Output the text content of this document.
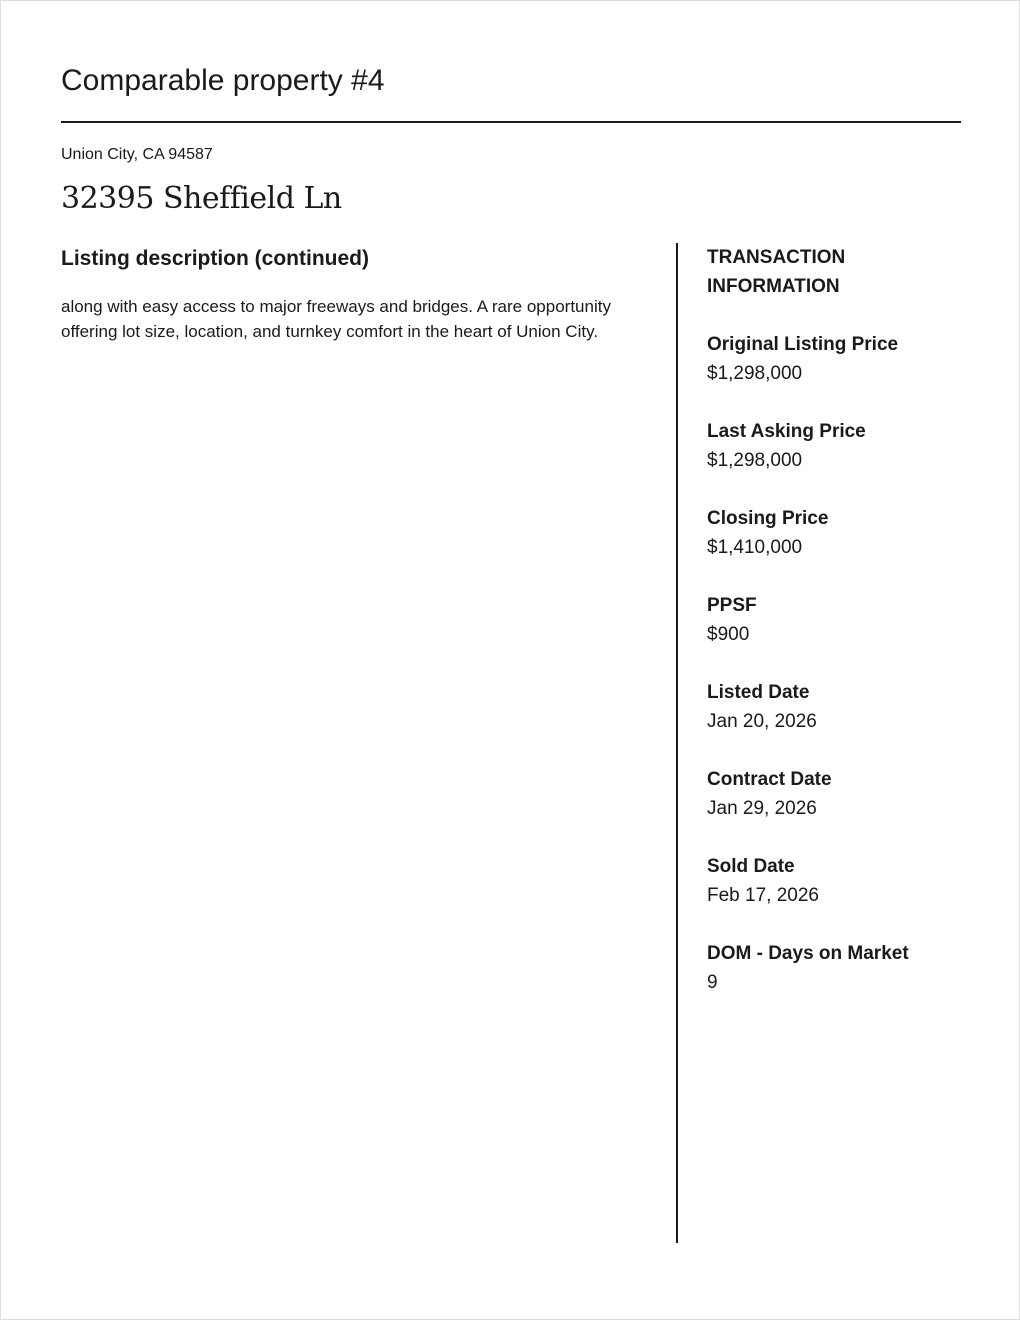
Comparable property #4
Union City, CA 94587
32395 Sheffield Ln
Listing description (continued)

along with easy access to major freeways and bridges. A rare opportunity offering lot size, location, and turnkey comfort in the heart of Union City.

TRANSACTION INFORMATION
Original Listing Price
$1,298,000
Last Asking Price
$1,298,000
Closing Price
$1,410,000
PPSF
$900
Listed Date
Jan 20, 2026
Contract Date
Jan 29, 2026
Sold Date
Feb 17, 2026
DOM - Days on Market
9
